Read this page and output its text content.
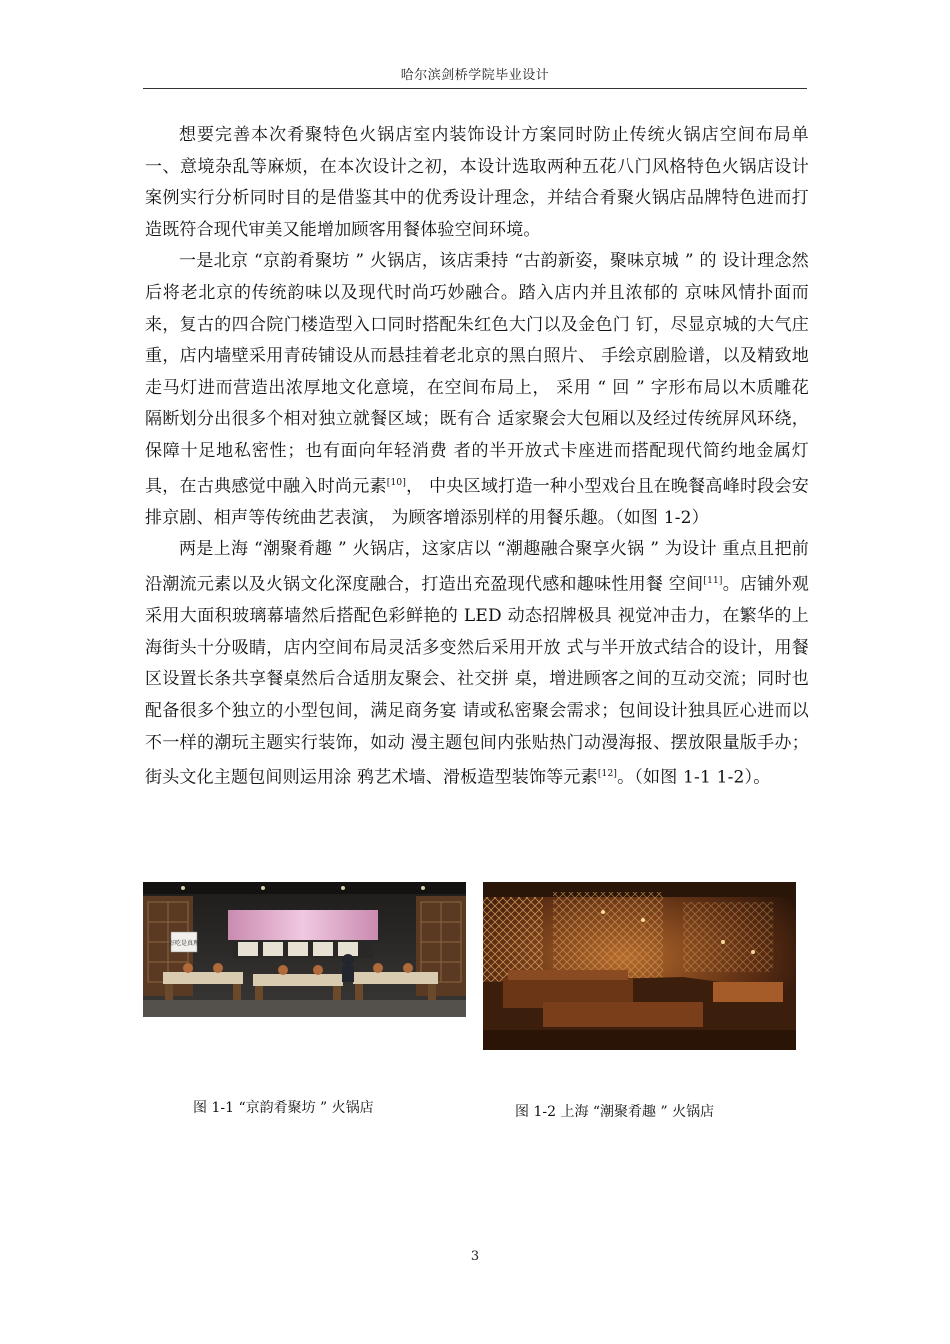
哈尔滨剑桥学院毕业设计

想要完善本次肴聚特色火锅店室内装饰设计方案同时防止传统火锅店空间布局单一、意境杂乱等麻烦，在本次设计之初，本设计选取两种五花八门风格特色火锅店设计案例实行分析同时目的是借鉴其中的优秀设计理念，并结合肴聚火锅店品牌特色进而打造既符合现代审美又能增加顾客用餐体验空间环境。

一是北京 “京韵肴聚坊 ” 火锅店，该店秉持 “古韵新姿，聚味京城 ” 的 设计理念然后将老北京的传统韵味以及现代时尚巧妙融合。踏入店内并且浓郁的 京味风情扑面而来，复古的四合院门楼造型入口同时搭配朱红色大门以及金色门 钉，尽显京城的大气庄重，店内墙壁采用青砖铺设从而悬挂着老北京的黑白照片、 手绘京剧脸谱，以及精致地走马灯进而营造出浓厚地文化意境，在空间布局上， 采用 “ 回 ” 字形布局以木质雕花隔断划分出很多个相对独立就餐区域；既有合 适家聚会大包厢以及经过传统屏风环绕，保障十足地私密性；也有面向年轻消费 者的半开放式卡座进而搭配现代简约地金属灯具，在古典感觉中融入时尚元素[10]， 中央区域打造一种小型戏台且在晚餐高峰时段会安排京剧、相声等传统曲艺表演， 为顾客增添别样的用餐乐趣。（如图 1-2）

两是上海 “潮聚肴趣 ” 火锅店，这家店以 “潮趣融合聚享火锅 ” 为设计 重点且把前沿潮流元素以及火锅文化深度融合，打造出充盈现代感和趣味性用餐 空间[11]。店铺外观采用大面积玻璃幕墙然后搭配色彩鲜艳的 LED 动态招牌极具 视觉冲击力，在繁华的上海街头十分吸睛，店内空间布局灵活多变然后采用开放 式与半开放式结合的设计，用餐区设置长条共享餐桌然后合适朋友聚会、社交拼 桌，增进顾客之间的互动交流；同时也配备很多个独立的小型包间，满足商务宴 请或私密聚会需求；包间设计独具匠心进而以不一样的潮玩主题实行装饰，如动 漫主题包间内张贴热门动漫海报、摆放限量版手办；街头文化主题包间则运用涂 鸦艺术墙、滑板造型装饰等元素[12]。（如图 1-1 1-2）。

好吃是真理
图 1-1 “京韵肴聚坊 ” 火锅店	图 1-2 上海 “潮聚肴趣 ” 火锅店
3
